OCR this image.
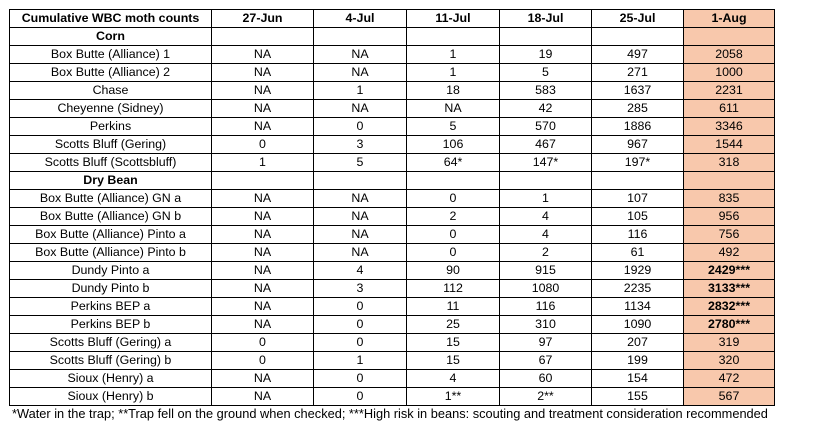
Cumulative WBC moth counts	27-Jun	4-Jul	11-Jul	18-Jul	25-Jul	1-Aug
Corn						
Box Butte (Alliance) 1	NA	NA	1	19	497	2058
Box Butte (Alliance) 2	NA	NA	1	5	271	1000
Chase	NA	1	18	583	1637	2231
Cheyenne (Sidney)	NA	NA	NA	42	285	611
Perkins	NA	0	5	570	1886	3346
Scotts Bluff (Gering)	0	3	106	467	967	1544
Scotts Bluff (Scottsbluff)	1	5	64*	147*	197*	318
Dry Bean						
Box Butte (Alliance) GN a	NA	NA	0	1	107	835
Box Butte (Alliance) GN b	NA	NA	2	4	105	956
Box Butte (Alliance) Pinto a	NA	NA	0	4	116	756
Box Butte (Alliance) Pinto b	NA	NA	0	2	61	492
Dundy Pinto a	NA	4	90	915	1929	2429***
Dundy Pinto b	NA	3	112	1080	2235	3133***
Perkins BEP a	NA	0	11	116	1134	2832***
Perkins BEP b	NA	0	25	310	1090	2780***
Scotts Bluff (Gering) a	0	0	15	97	207	319
Scotts Bluff (Gering) b	0	1	15	67	199	320
Sioux (Henry) a	NA	0	4	60	154	472
Sioux (Henry) b	NA	0	1**	2**	155	567
*Water in the trap; **Trap fell on the ground when checked; ***High risk in beans: scouting and treatment consideration recommended
